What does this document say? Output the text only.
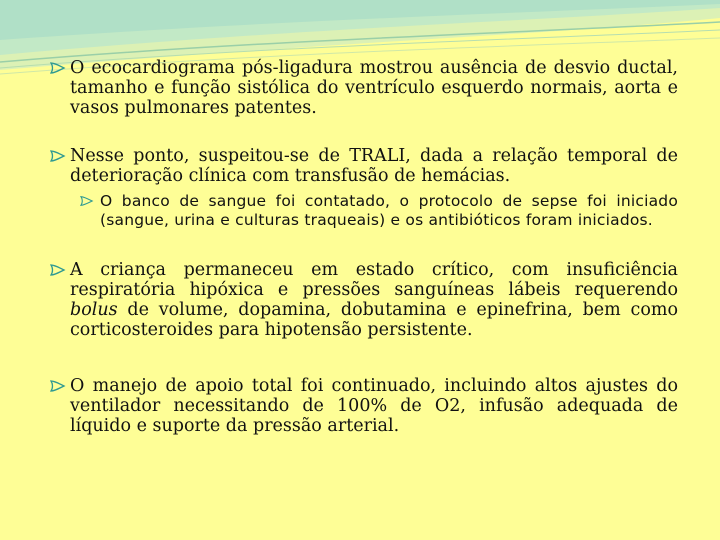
O ecocardiograma pós-ligadura mostrou ausência de desvio ductal, tamanho e função sistólica do ventrículo esquerdo normais, aorta e vasos pulmonares patentes.

Nesse ponto, suspeitou-se de TRALI, dada a relação temporal de deterioração clínica com transfusão de hemácias.

O banco de sangue foi contatado, o protocolo de sepse foi iniciado (sangue, urina e culturas traqueais) e os antibióticos foram iniciados.

A criança permaneceu em estado crítico, com insuficiência respiratória hipóxica e pressões sanguíneas lábeis requerendo bolus de volume, dopamina, dobutamina e epinefrina, bem como corticosteroides para hipotensão persistente.

O manejo de apoio total foi continuado, incluindo altos ajustes do ventilador necessitando de 100% de O2, infusão adequada de líquido e suporte da pressão arterial.
